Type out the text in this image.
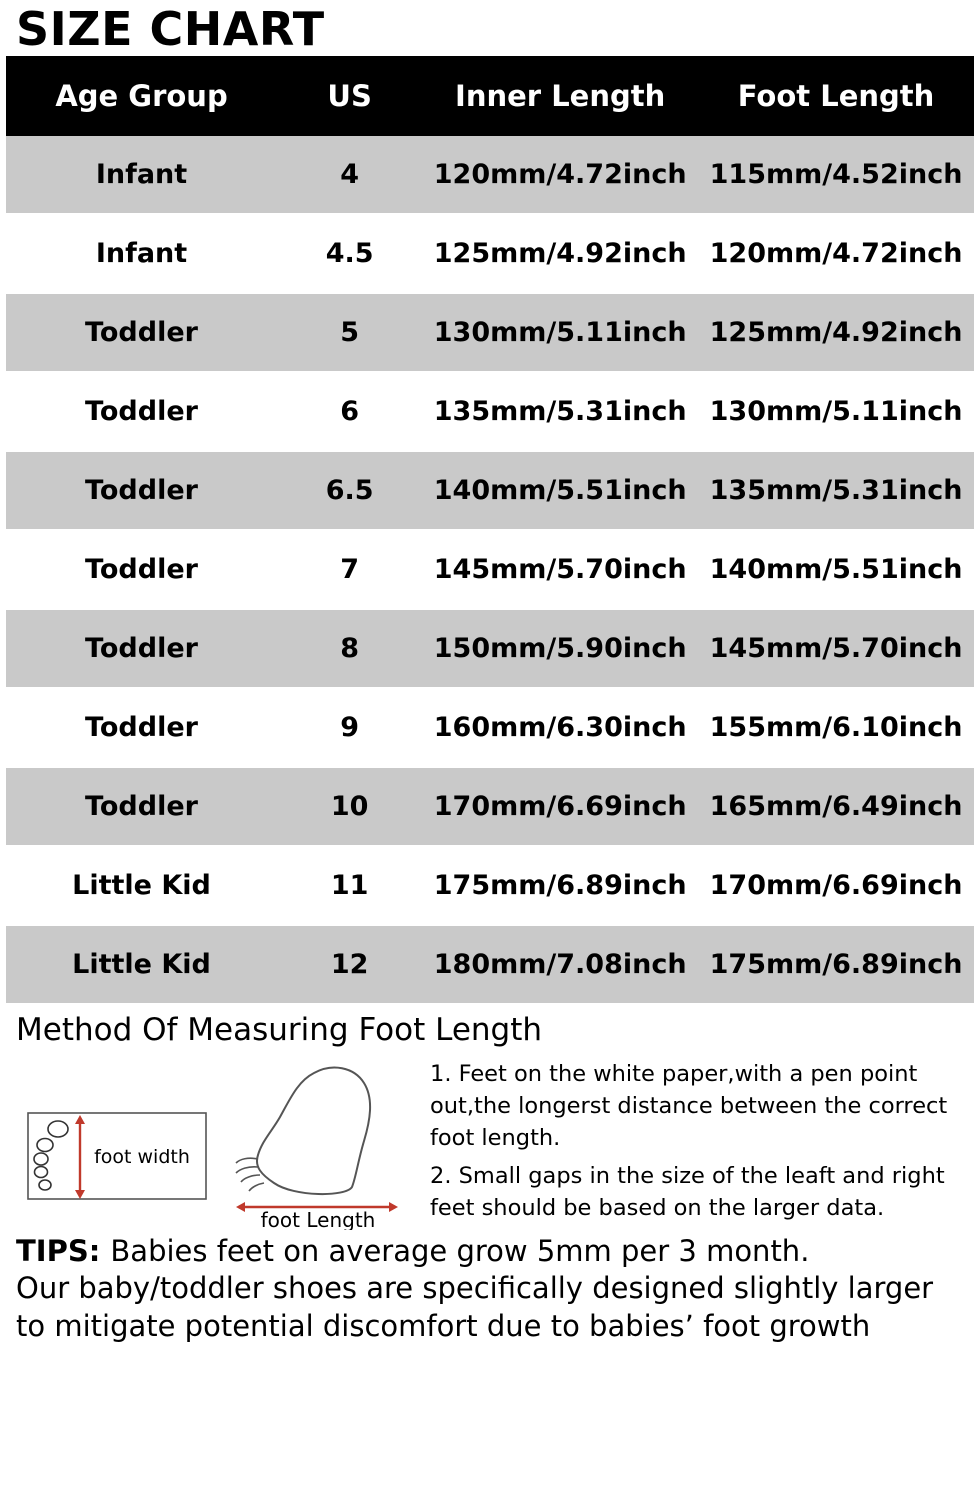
SIZE CHART
Age Group	US	Inner Length	Foot Length
Infant	4	120mm/4.72inch	115mm/4.52inch
Infant	4.5	125mm/4.92inch	120mm/4.72inch
Toddler	5	130mm/5.11inch	125mm/4.92inch
Toddler	6	135mm/5.31inch	130mm/5.11inch
Toddler	6.5	140mm/5.51inch	135mm/5.31inch
Toddler	7	145mm/5.70inch	140mm/5.51inch
Toddler	8	150mm/5.90inch	145mm/5.70inch
Toddler	9	160mm/6.30inch	155mm/6.10inch
Toddler	10	170mm/6.69inch	165mm/6.49inch
Little Kid	11	175mm/6.89inch	170mm/6.69inch
Little Kid	12	180mm/7.08inch	175mm/6.89inch
Method Of Measuring Foot Length
foot width
foot Length
1. Feet on the white paper,with a pen point out,the longerst distance between the correct foot length.
2. Small gaps in the size of the leaft and right feet should be based on the larger data.
TIPS: Babies feet on average grow 5mm per 3 month.
Our baby/toddler shoes are specifically designed slightly larger
to mitigate potential discomfort due to babies’ foot growth
